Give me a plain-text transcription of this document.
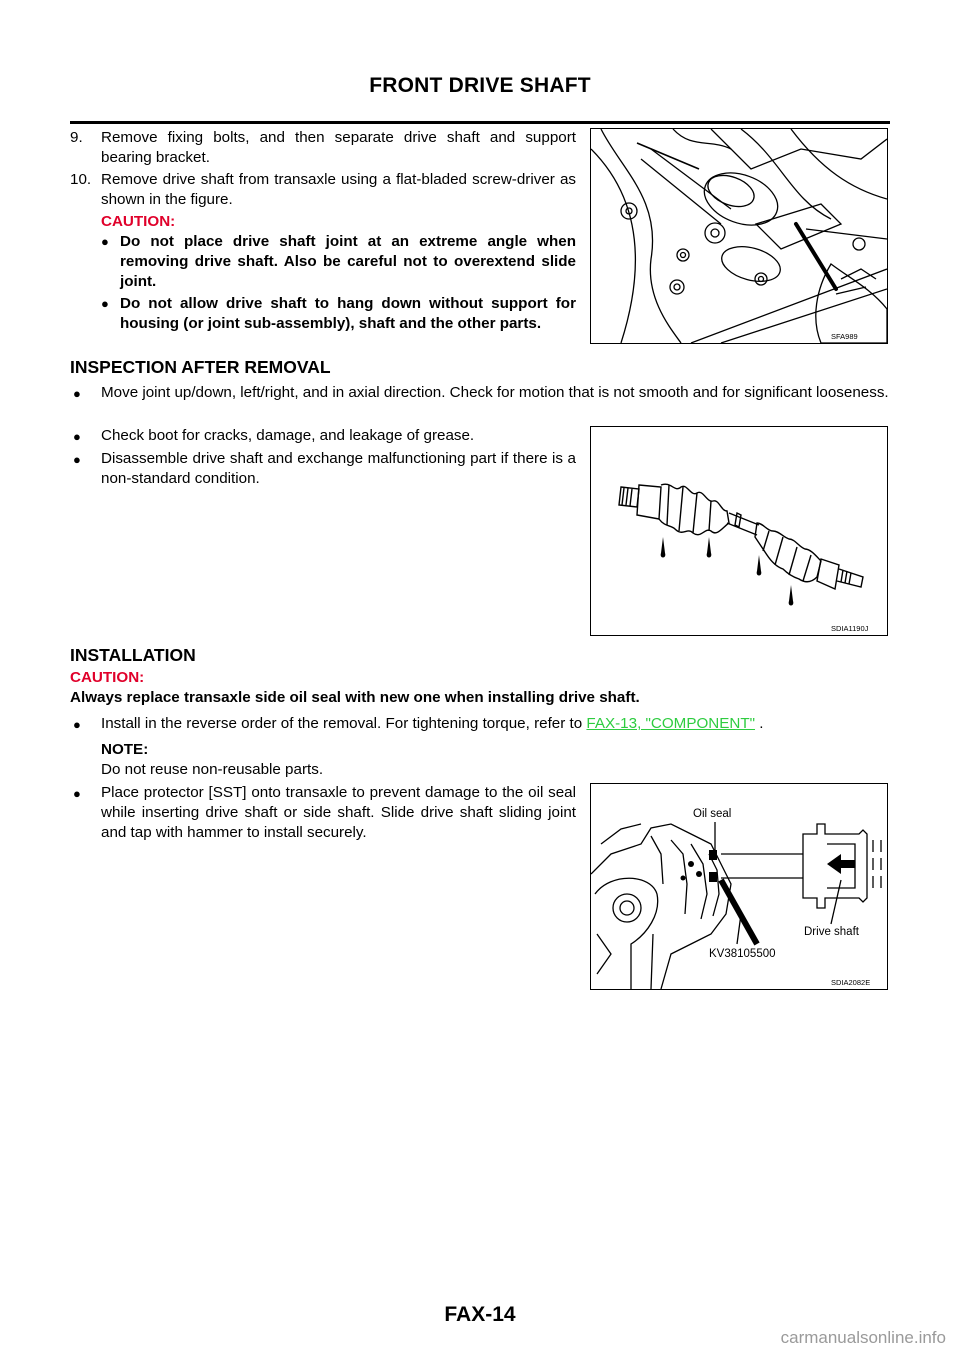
FRONT DRIVE SHAFT
9. Remove fixing bolts, and then separate drive shaft and support bearing bracket.
10. Remove drive shaft from transaxle using a flat-bladed screw-driver as shown in the figure.
CAUTION:
● Do not place drive shaft joint at an extreme angle when removing drive shaft. Also be careful not to overextend slide joint.
● Do not allow drive shaft to hang down without support for housing (or joint sub-assembly), shaft and the other parts.
SFA989
INSPECTION AFTER REMOVAL
● Move joint up/down, left/right, and in axial direction. Check for motion that is not smooth and for significant looseness.
● Check boot for cracks, damage, and leakage of grease.
● Disassemble drive shaft and exchange malfunctioning part if there is a non-standard condition.
SDIA1190J
INSTALLATION
CAUTION:
Always replace transaxle side oil seal with new one when installing drive shaft.
● Install in the reverse order of the removal. For tightening torque, refer to FAX-13, "COMPONENT" .
NOTE:
Do not reuse non-reusable parts.
● Place protector [SST] onto transaxle to prevent damage to the oil seal while inserting drive shaft or side shaft. Slide drive shaft sliding joint and tap with hammer to install securely.
Oil seal
Drive shaft
KV38105500
SDIA2082E
FAX-14
carmanualsonline.info
